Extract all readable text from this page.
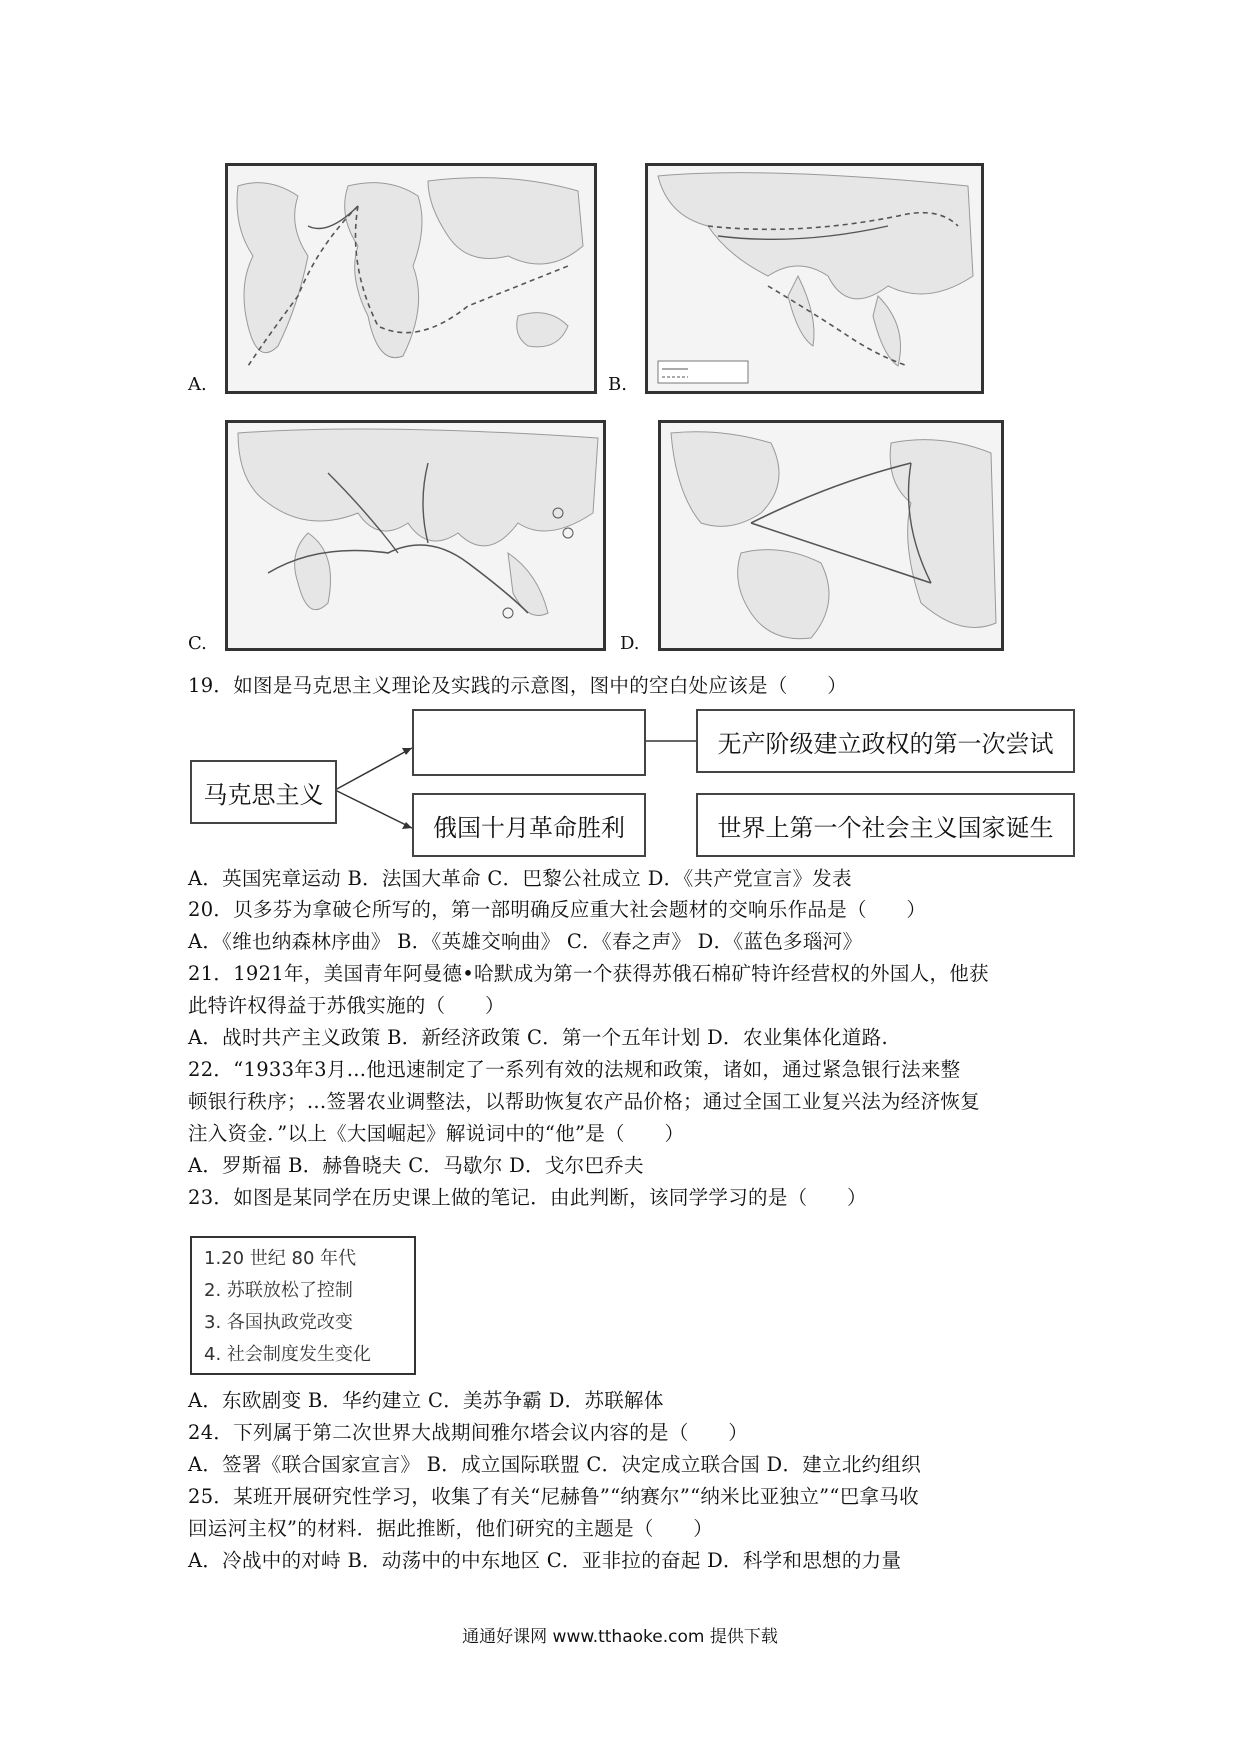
A.	B.
C.	D.
19．如图是马克思主义理论及实践的示意图，图中的空白处应该是（　　）
马克思主义
俄国十月革命胜利
无产阶级建立政权的第一次尝试
世界上第一个社会主义国家诞生
A．英国宪章运动 B．法国大革命 C．巴黎公社成立 D．《共产党宣言》发表
20．贝多芬为拿破仑所写的，第一部明确反应重大社会题材的交响乐作品是（　　）
A．《维也纳森林序曲》 B．《英雄交响曲》 C．《春之声》 D．《蓝色多瑙河》
21．1921年，美国青年阿曼德•哈默成为第一个获得苏俄石棉矿特许经营权的外国人，他获
此特许权得益于苏俄实施的（　　）
A．战时共产主义政策 B．新经济政策 C．第一个五年计划 D．农业集体化道路.
22．“1933年3月…他迅速制定了一系列有效的法规和政策，诸如，通过紧急银行法来整
顿银行秩序；…签署农业调整法，以帮助恢复农产品价格；通过全国工业复兴法为经济恢复
注入资金．”以上《大国崛起》解说词中的“他”是（　　）
A．罗斯福 B．赫鲁晓夫 C．马歇尔 D．戈尔巴乔夫
23．如图是某同学在历史课上做的笔记．由此判断，该同学学习的是（　　）
1.20 世纪 80 年代
2. 苏联放松了控制
3. 各国执政党改变
4. 社会制度发生变化
A．东欧剧变 B．华约建立 C．美苏争霸 D．苏联解体
24．下列属于第二次世界大战期间雅尔塔会议内容的是（　　）
A．签署《联合国家宣言》 B．成立国际联盟 C．决定成立联合国 D．建立北约组织
25．某班开展研究性学习，收集了有关“尼赫鲁”“纳赛尔”“纳米比亚独立”“巴拿马收
回运河主权”的材料．据此推断，他们研究的主题是（　　）
A．冷战中的对峙 B．动荡中的中东地区 C．亚非拉的奋起 D．科学和思想的力量
通通好课网 www.tthaoke.com 提供下载
